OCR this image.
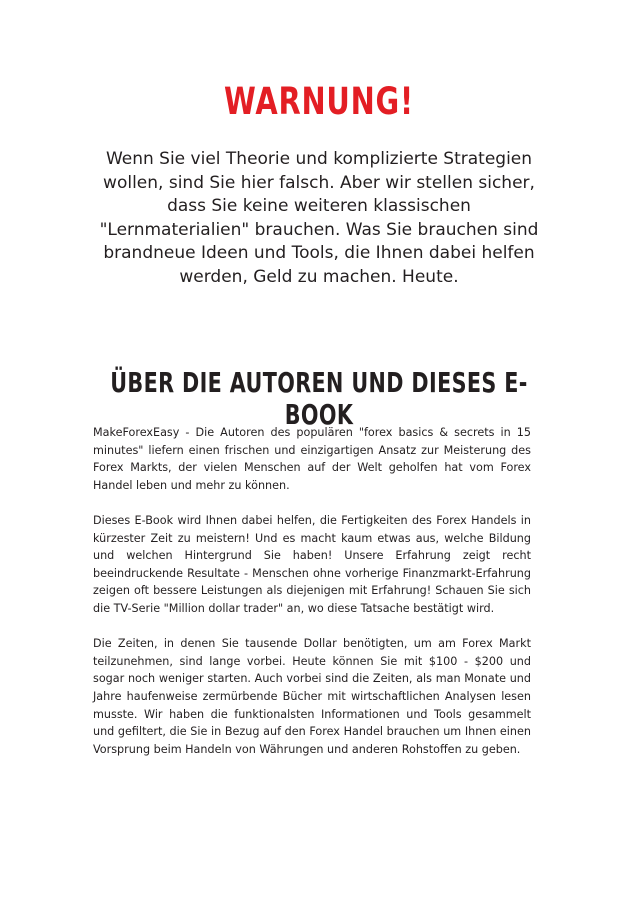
WARNUNG!
Wenn Sie viel Theorie und komplizierte Strategien wollen, sind Sie hier falsch. Aber wir stellen sicher, dass Sie keine weiteren klassischen "Lernmaterialien" brauchen. Was Sie brauchen sind brandneue Ideen und Tools, die Ihnen dabei helfen werden, Geld zu machen. Heute.
ÜBER DIE AUTOREN UND DIESES E-BOOK

MakeForexEasy - Die Autoren des populären "forex basics & secrets in 15 minutes" liefern einen frischen und einzigartigen Ansatz zur Meisterung des Forex Markts, der vielen Menschen auf der Welt geholfen hat vom Forex Handel leben und mehr zu können.

Dieses E-Book wird Ihnen dabei helfen, die Fertigkeiten des Forex Handels in kürzester Zeit zu meistern! Und es macht kaum etwas aus, welche Bildung und welchen Hintergrund Sie haben! Unsere Erfahrung zeigt recht beeindruckende Resultate - Menschen ohne vorherige Finanzmarkt-Erfahrung zeigen oft bessere Leistungen als diejenigen mit Erfahrung! Schauen Sie sich die TV-Serie "Million dollar trader" an, wo diese Tatsache bestätigt wird.

Die Zeiten, in denen Sie tausende Dollar benötigten, um am Forex Markt teilzunehmen, sind lange vorbei. Heute können Sie mit $100 - $200 und sogar noch weniger starten. Auch vorbei sind die Zeiten, als man Monate und Jahre haufenweise zermürbende Bücher mit wirtschaftlichen Analysen lesen musste. Wir haben die funktionalsten Informationen und Tools gesammelt und gefiltert, die Sie in Bezug auf den Forex Handel brauchen um Ihnen einen Vorsprung beim Handeln von Währungen und anderen Rohstoffen zu geben.
